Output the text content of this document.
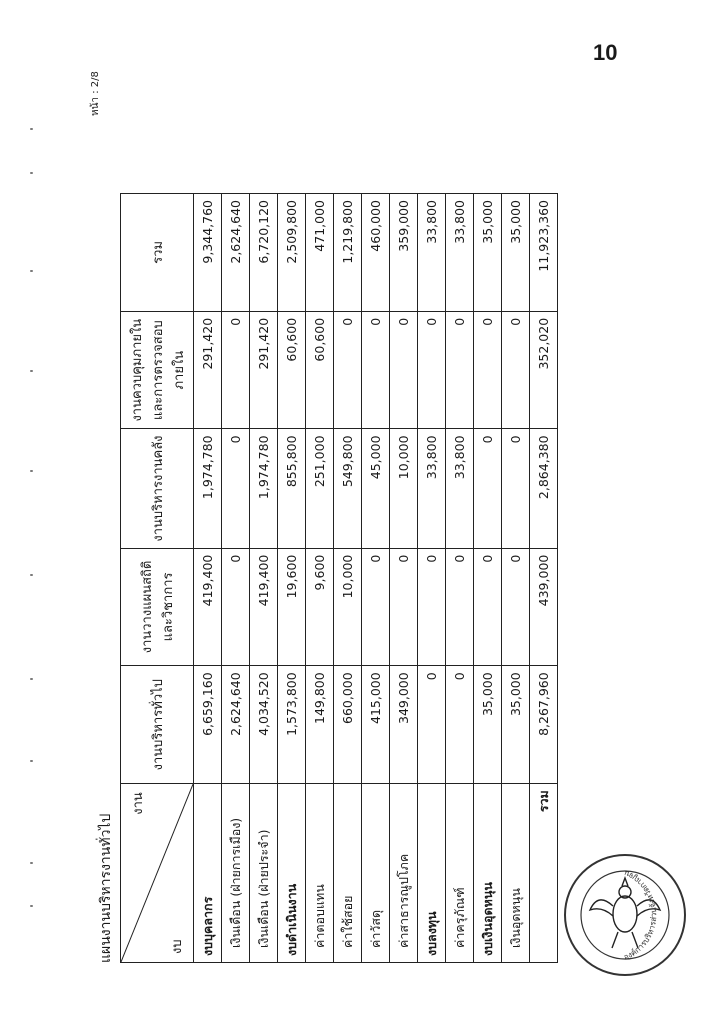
10
หน้า : 2/8
แผนงานบริหารงานทั่วไป
งาน
งบ	งานบริหารทั่วไป	งานวางแผนสถิติและวิชาการ	งานบริหารงานคลัง	งานควบคุมภายในและการตรวจสอบภายใน	รวม
งบบุคลากร	6,659,160	419,400	1,974,780	291,420	9,344,760
เงินเดือน (ฝ่ายการเมือง)	2,624,640	0	0	0	2,624,640
เงินเดือน (ฝ่ายประจำ)	4,034,520	419,400	1,974,780	291,420	6,720,120
งบดำเนินงาน	1,573,800	19,600	855,800	60,600	2,509,800
ค่าตอบแทน	149,800	9,600	251,000	60,600	471,000
ค่าใช้สอย	660,000	10,000	549,800	0	1,219,800
ค่าวัสดุ	415,000	0	45,000	0	460,000
ค่าสาธารณูปโภค	349,000	0	10,000	0	359,000
งบลงทุน	0	0	33,800	0	33,800
ค่าครุภัณฑ์	0	0	33,800	0	33,800
งบเงินอุดหนุน	35,000	0	0	0	35,000
เงินอุดหนุน	35,000	0	0	0	35,000
รวม	8,267,960	439,000	2,864,380	352,020	11,923,360
องค์การบริหารส่วนจังหวัดกาญจน
